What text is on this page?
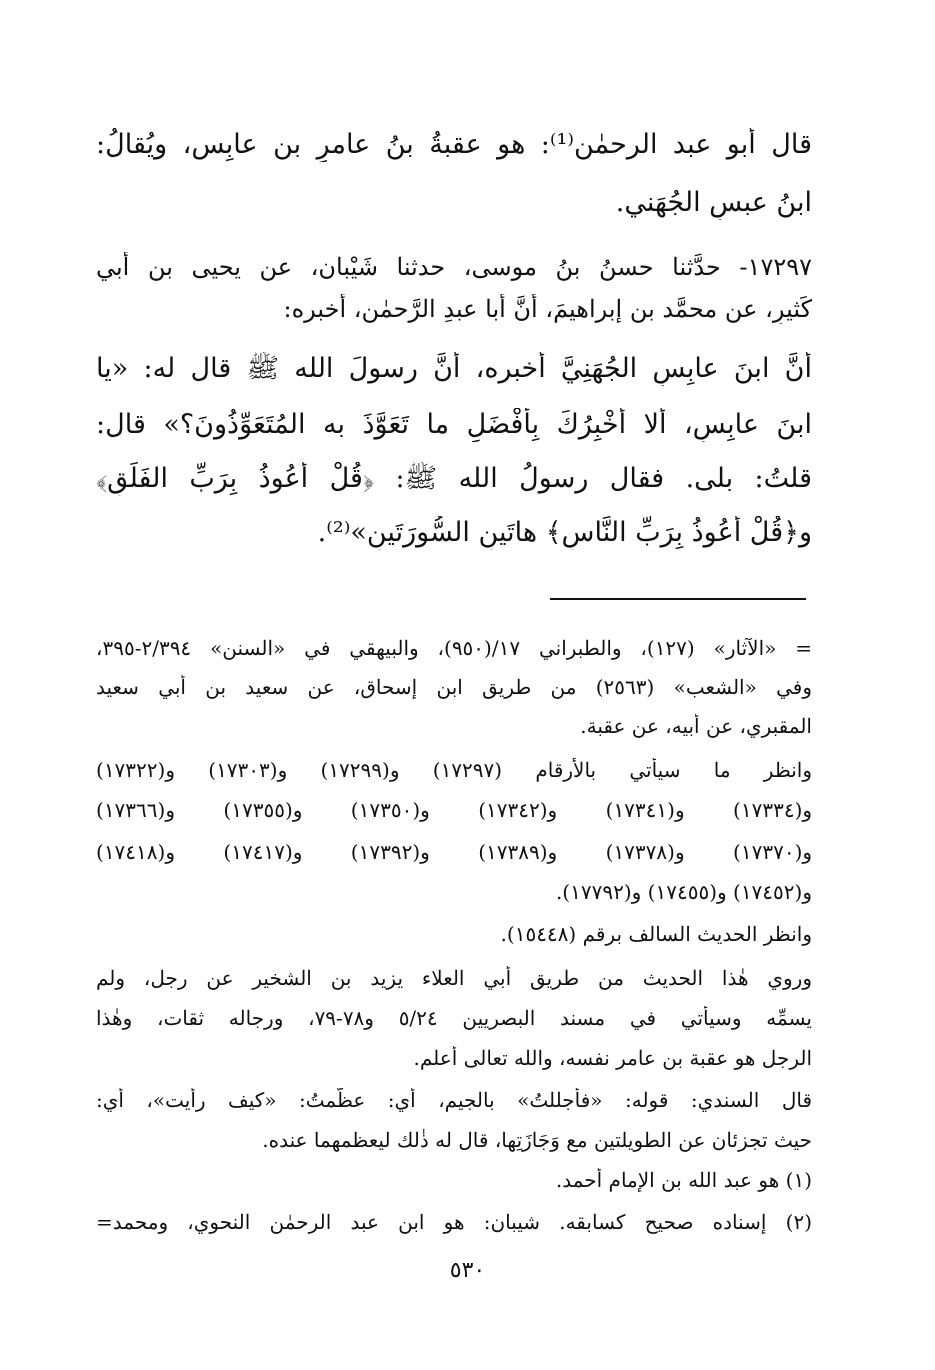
قال أبو عبد الرحمٰن⁽¹⁾: هو عقبةُ بنُ عامرِ بن عابِس، ويُقالُ:
ابنُ عبسٍ الجُهَني.
١٧٢٩٧- حدَّثنا حسنُ بنُ موسى، حدثنا شَيْبان، عن يحيى بنِ أبي
كَثيرٍ، عن محمَّد بن إبراهيمَ، أنَّ أبا عبدِ الرَّحمٰنِ، أخبره:
أنَّ ابنَ عابِسٍ الجُهَنِيَّ أخبره، أنَّ رسولَ الله ﷺ قال له: «يا
ابنَ عابِسٍ، ألا أُخْبِرُكَ بِأَفْضَلِ ما تَعَوَّذَ به المُتَعَوِّذُونَ؟» قال:
قلتُ: بلى. فقال رسولُ الله ﷺ: ﴿قُلْ أَعُوذُ بِرَبِّ الفَلَقِ﴾
و﴿قُلْ أَعُوذُ بِرَبِّ النَّاسِ﴾ هاتَينِ السُّورَتَينِ»⁽²⁾.
= «الآثار» (١٢٧)، والطبراني ١٧/(٩٥٠)، والبيهقي في «السنن» ٢/٣٩٤-٣٩٥،
وفي «الشعب» (٢٥٦٣) من طريق ابن إسحاق، عن سعيد بن أبي سعيد
المقبري، عن أبيه، عن عقبة.
وانظر ما سيأتي بالأرقام (١٧٢٩٧) و(١٧٢٩٩) و(١٧٣٠٣) و(١٧٣٢٢)
و(١٧٣٣٤) و(١٧٣٤١) و(١٧٣٤٢) و(١٧٣٥٠) و(١٧٣٥٥) و(١٧٣٦٦)
و(١٧٣٧٠) و(١٧٣٧٨) و(١٧٣٨٩) و(١٧٣٩٢) و(١٧٤١٧) و(١٧٤١٨)
و(١٧٤٥٢) و(١٧٤٥٥) و(١٧٧٩٢).
وانظر الحديث السالف برقم (١٥٤٤٨).
وروي هٰذا الحديث من طريق أبي العلاء يزيد بن الشخير عن رجل، ولم
يسمِّه وسيأتي في مسند البصريين ٥/٢٤ و٧٨-٧٩، ورجاله ثقات، وهٰذا
الرجل هو عقبة بن عامر نفسه، والله تعالى أعلم.
قال السندي: قوله: «فأجللتُ» بالجيم، أي: عظَّمتُ: «كيف رأيت»، أي:
حيث تجزئان عن الطويلتين مع وَجَازَتِها، قال له ذٰلك ليعظمهما عنده.
(١) هو عبد الله بن الإمام أحمد.
(٢) إسناده صحيح كسابقه. شيبان: هو ابن عبد الرحمٰن النحوي، ومحمد=
٥٣٠
